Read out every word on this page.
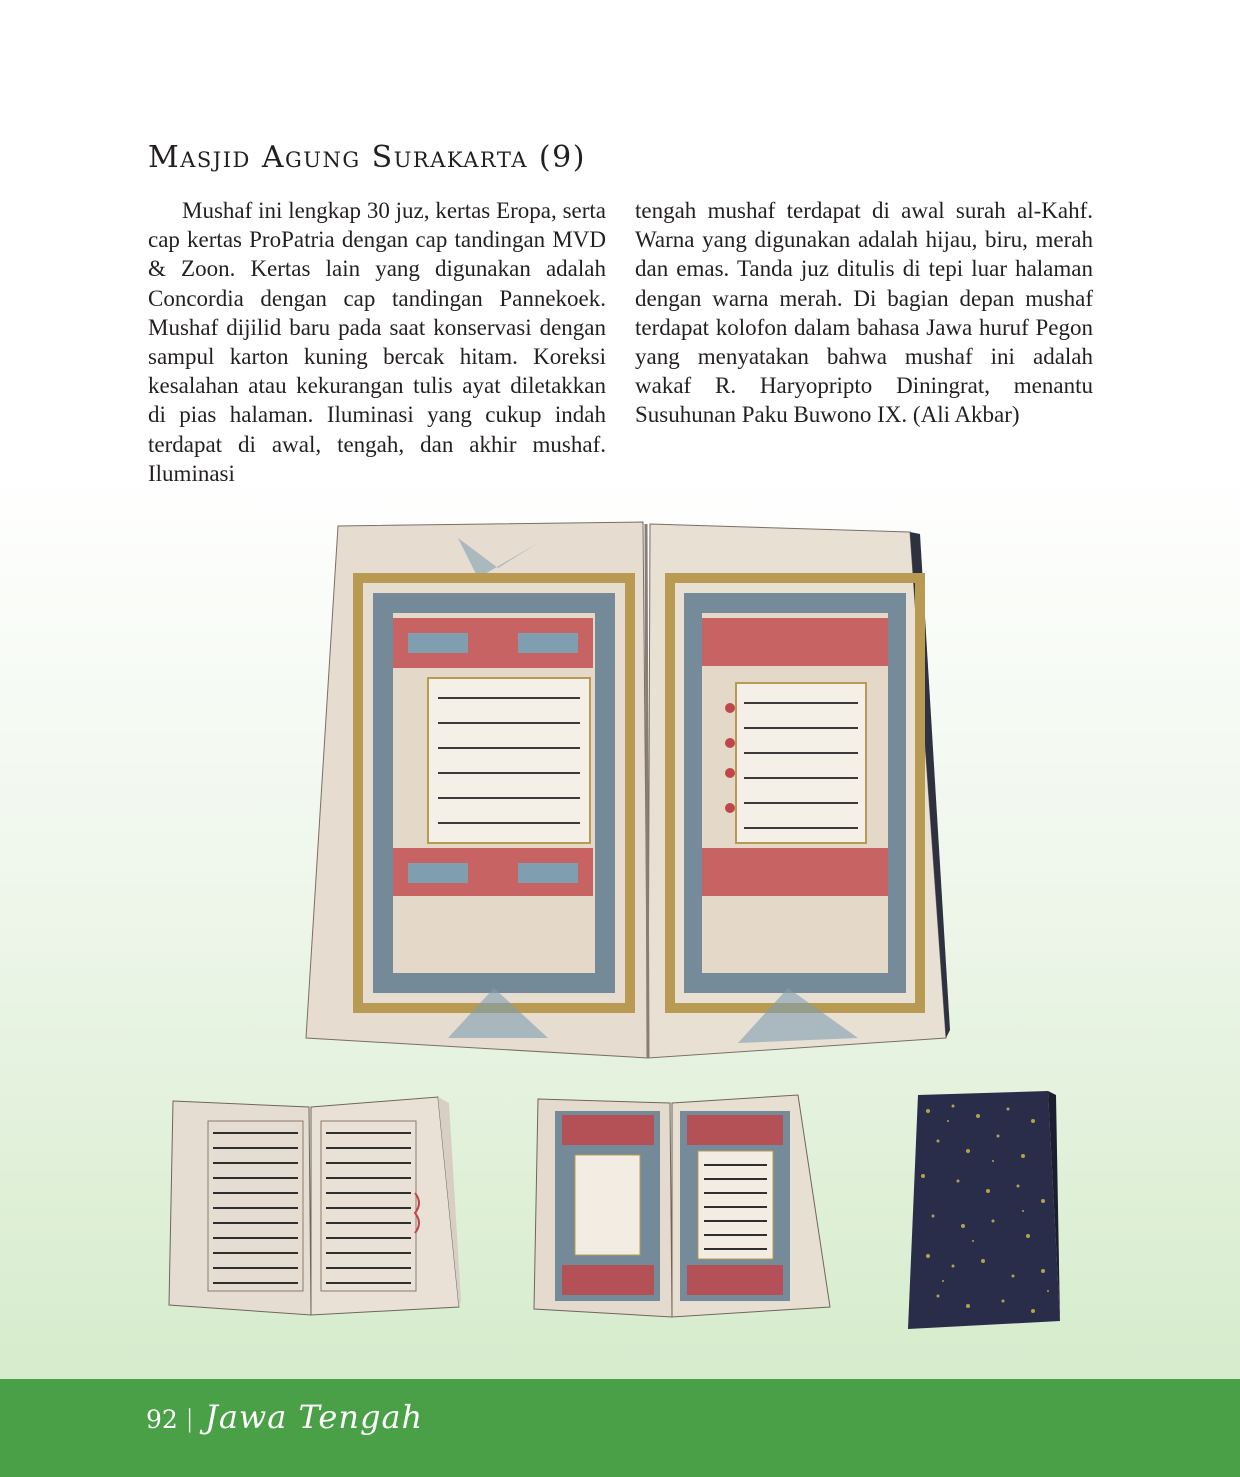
Masjid Agung Surakarta (9)

Mushaf ini lengkap 30 juz, kertas Eropa, serta cap kertas ProPatria dengan cap tandingan MVD & Zoon. Kertas lain yang digunakan adalah Concordia dengan cap tandingan Pannekoek. Mushaf dijilid baru pada saat konservasi dengan sampul karton kuning bercak hitam. Koreksi kesalahan atau kekurangan tulis ayat diletakkan di pias halaman. Iluminasi yang cukup indah terdapat di awal, tengah, dan akhir mushaf. Iluminasi

tengah mushaf terdapat di awal surah al-Kahf. Warna yang digunakan adalah hijau, biru, merah dan emas. Tanda juz ditulis di tepi luar halaman dengan warna merah. Di bagian depan mushaf terdapat kolofon dalam bahasa Jawa huruf Pegon yang menyatakan bahwa mushaf ini adalah wakaf R. Haryopripto Diningrat, menantu Susuhunan Paku Buwono IX. (Ali Akbar)

92 | Jawa Tengah
